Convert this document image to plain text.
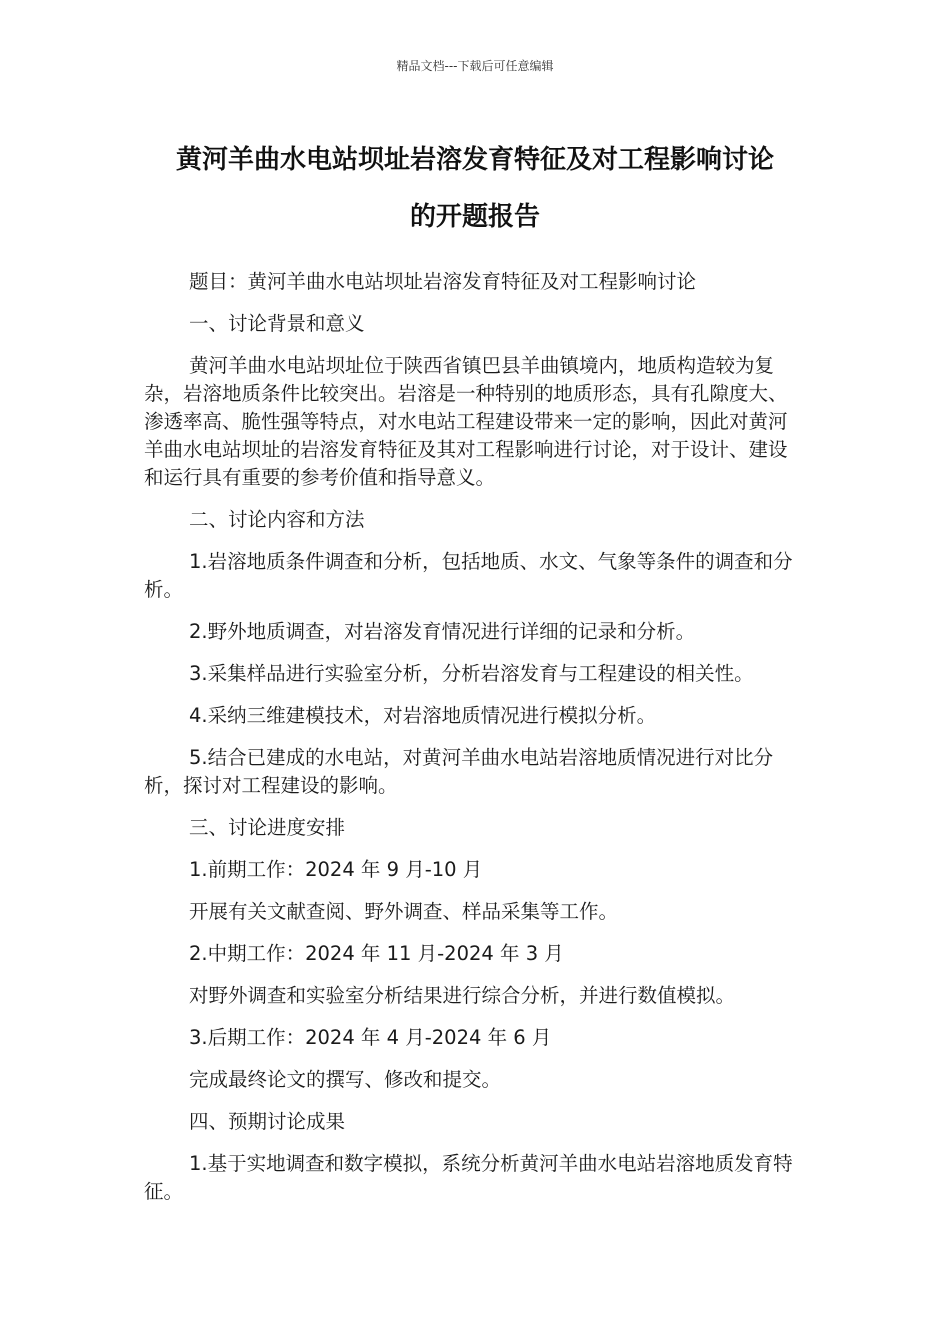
精品文档---下载后可任意编辑
黄河羊曲水电站坝址岩溶发育特征及对工程影响讨论
的开题报告

题目：黄河羊曲水电站坝址岩溶发育特征及对工程影响讨论

一、讨论背景和意义

黄河羊曲水电站坝址位于陕西省镇巴县羊曲镇境内，地质构造较为复杂，岩溶地质条件比较突出。岩溶是一种特别的地质形态，具有孔隙度大、渗透率高、脆性强等特点，对水电站工程建设带来一定的影响，因此对黄河羊曲水电站坝址的岩溶发育特征及其对工程影响进行讨论，对于设计、建设和运行具有重要的参考价值和指导意义。

二、讨论内容和方法

1.岩溶地质条件调查和分析，包括地质、水文、气象等条件的调查和分析。

2.野外地质调查，对岩溶发育情况进行详细的记录和分析。

3.采集样品进行实验室分析，分析岩溶发育与工程建设的相关性。

4.采纳三维建模技术，对岩溶地质情况进行模拟分析。

5.结合已建成的水电站，对黄河羊曲水电站岩溶地质情况进行对比分析，探讨对工程建设的影响。

三、讨论进度安排

1.前期工作：2024 年 9 月-10 月

开展有关文献查阅、野外调查、样品采集等工作。

2.中期工作：2024 年 11 月-2024 年 3 月

对野外调查和实验室分析结果进行综合分析，并进行数值模拟。

3.后期工作：2024 年 4 月-2024 年 6 月

完成最终论文的撰写、修改和提交。

四、预期讨论成果

1.基于实地调查和数字模拟，系统分析黄河羊曲水电站岩溶地质发育特征。
